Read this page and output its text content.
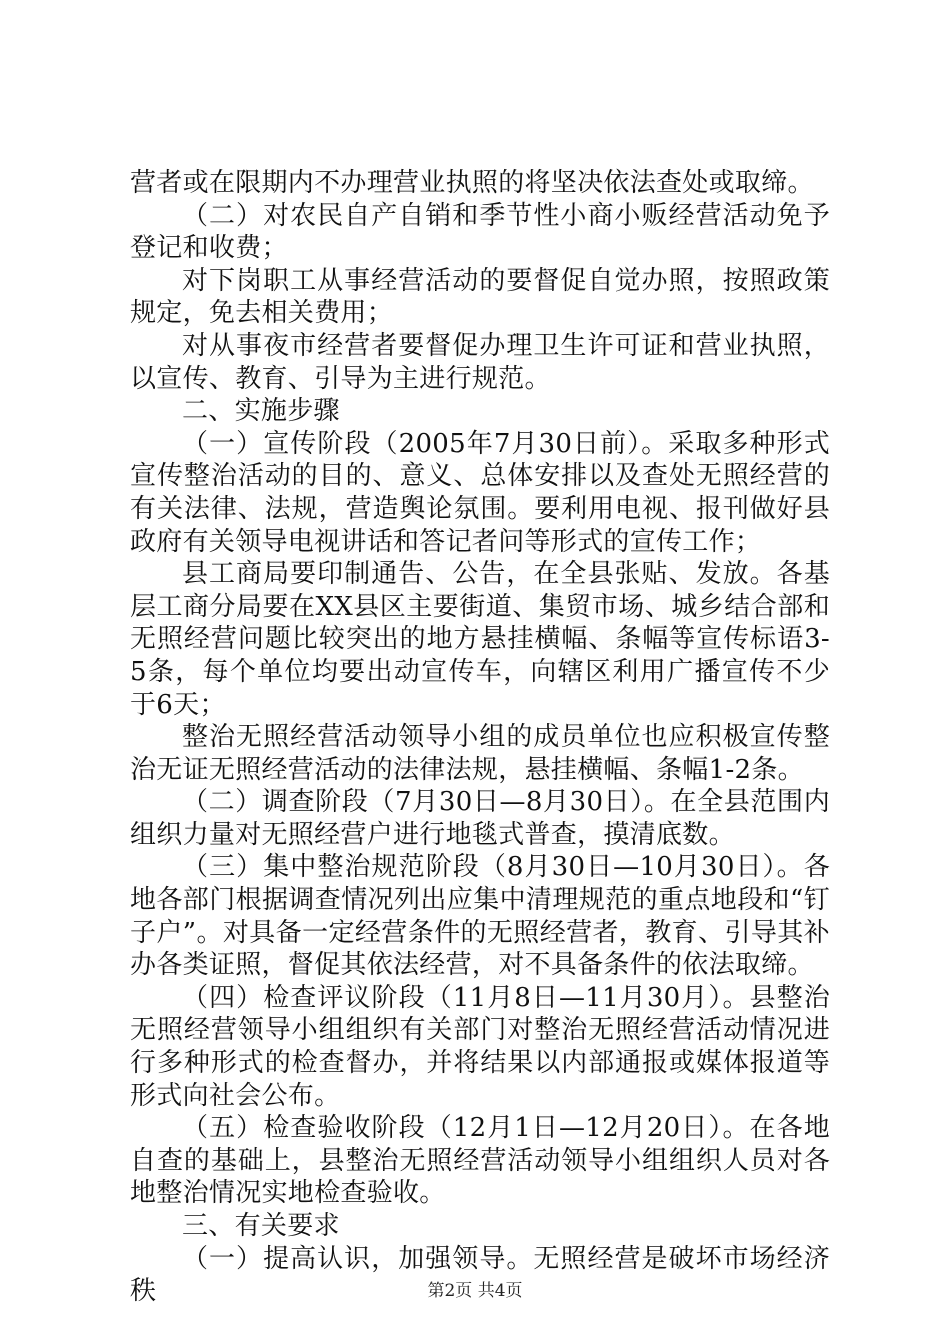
营者或在限期内不办理营业执照的将坚决依法查处或取缔。

（二）对农民自产自销和季节性小商小贩经营活动免予登记和收费；

对下岗职工从事经营活动的要督促自觉办照，按照政策规定，免去相关费用；

对从事夜市经营者要督促办理卫生许可证和营业执照，以宣传、教育、引导为主进行规范。

二、实施步骤

（一）宣传阶段（2005年7月30日前）。采取多种形式宣传整治活动的目的、意义、总体安排以及查处无照经营的有关法律、法规，营造舆论氛围。要利用电视、报刊做好县政府有关领导电视讲话和答记者问等形式的宣传工作；

县工商局要印制通告、公告，在全县张贴、发放。各基层工商分局要在XX县区主要街道、集贸市场、城乡结合部和无照经营问题比较突出的地方悬挂横幅、条幅等宣传标语3-5条，每个单位均要出动宣传车，向辖区利用广播宣传不少于6天；

整治无照经营活动领导小组的成员单位也应积极宣传整治无证无照经营活动的法律法规，悬挂横幅、条幅1-2条。

（二）调查阶段（7月30日—8月30日）。在全县范围内组织力量对无照经营户进行地毯式普查，摸清底数。

（三）集中整治规范阶段（8月30日—10月30日）。各地各部门根据调查情况列出应集中清理规范的重点地段和“钉子户”。对具备一定经营条件的无照经营者，教育、引导其补办各类证照，督促其依法经营，对不具备条件的依法取缔。

（四）检查评议阶段（11月8日—11月30月）。县整治无照经营领导小组组织有关部门对整治无照经营活动情况进行多种形式的检查督办，并将结果以内部通报或媒体报道等形式向社会公布。

（五）检查验收阶段（12月1日—12月20日）。在各地自查的基础上，县整治无照经营活动领导小组组织人员对各地整治情况实地检查验收。

三、有关要求

（一）提高认识，加强领导。无照经营是破坏市场经济秩	第2页 共4页
